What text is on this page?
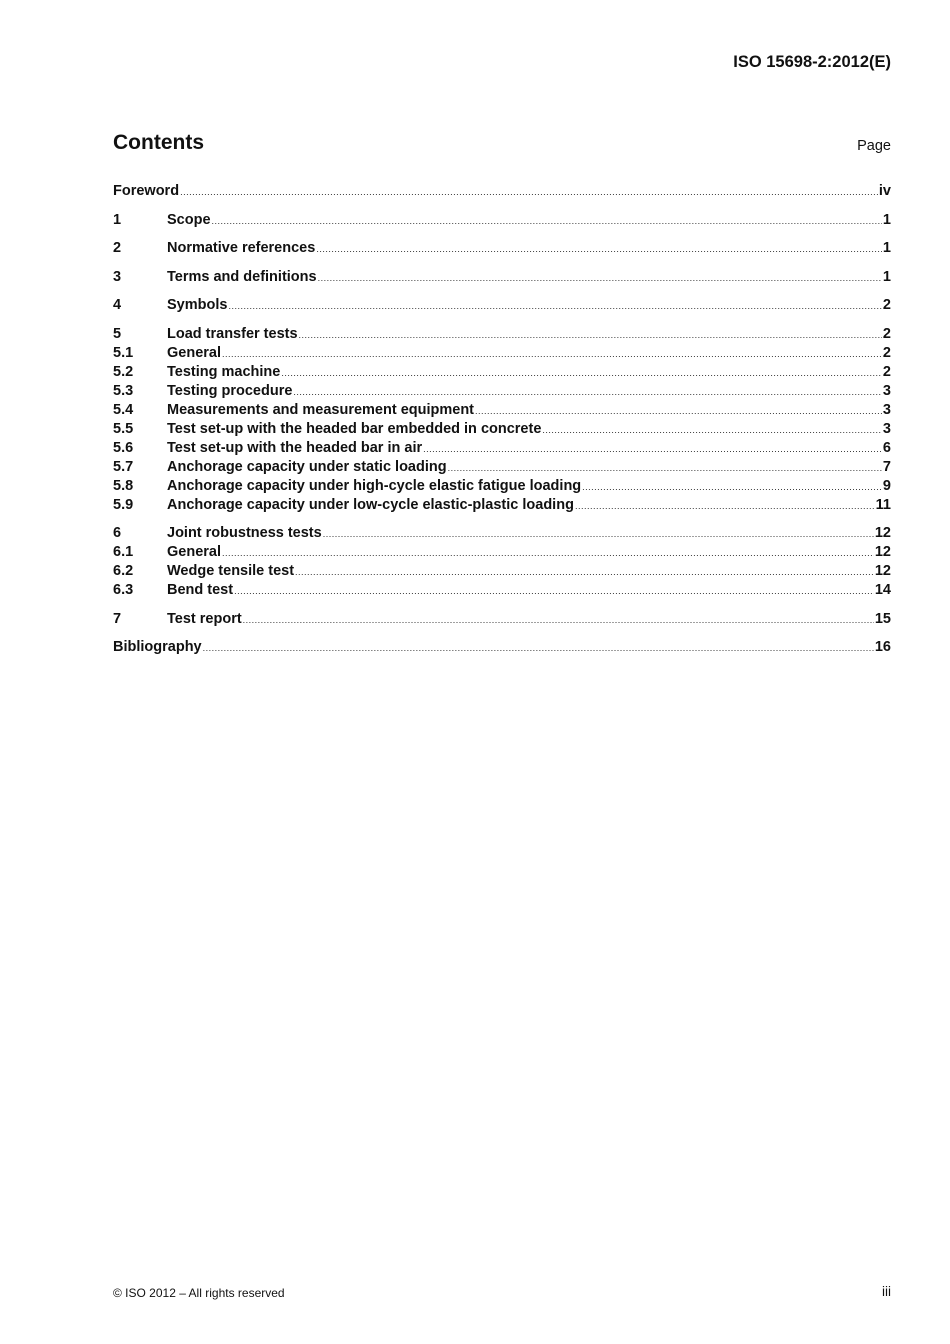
ISO 15698-2:2012(E)
Contents	Page
Foreword .....	iv
1	Scope .....	1
2	Normative references .....	1
3	Terms and definitions .....	1
4	Symbols .....	2
5	Load transfer tests .....	2
5.1	General .....	2
5.2	Testing machine .....	2
5.3	Testing procedure .....	3
5.4	Measurements and measurement equipment .....	3
5.5	Test set-up with the headed bar embedded in concrete .....	3
5.6	Test set-up with the headed bar in air .....	6
5.7	Anchorage capacity under static loading .....	7
5.8	Anchorage capacity under high-cycle elastic fatigue loading .....	9
5.9	Anchorage capacity under low-cycle elastic-plastic loading .....	11
6	Joint robustness tests .....	12
6.1	General .....	12
6.2	Wedge tensile test .....	12
6.3	Bend test .....	14
7	Test report .....	15
Bibliography .....	16
© ISO 2012 – All rights reserved	iii
